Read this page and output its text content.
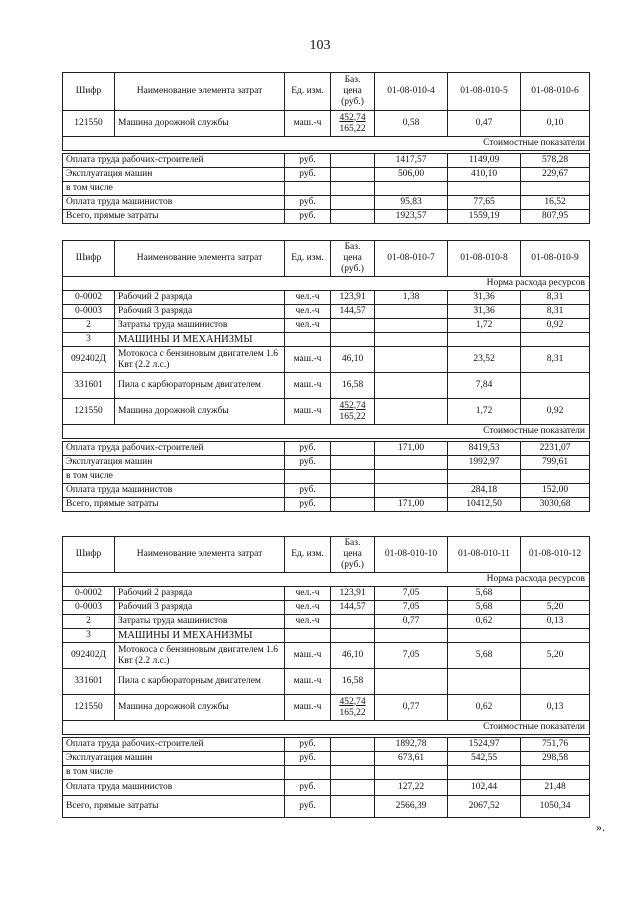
103
Шифр	Наименование элемента затрат	Ед. изм.	Баз.
цена
(руб.)	01-08-010-4	01-08-010-5	01-08-010-6
121550	Машина дорожной службы	маш.-ч	452,74
165,22	0,58	0,47	0,10
Стоимостные показатели						

Оплата труда рабочих-строителей		руб.		1417,57	1149,09	578,28
Эксплуатация машин		руб.		506,00	410,10	229,67
в том числе						
Оплата труда машинистов		руб.		95,83	77,65	16,52
Всего, прямые затраты		руб.		1923,57	1559,19	807,95
Шифр	Наименование элемента затрат	Ед. изм.	Баз.
цена
(руб.)	01-08-010-7	01-08-010-8	01-08-010-9
Норма расхода ресурсов						
0-0002	Рабочий 2 разряда	чел.-ч	123,91	1,38	31,36	8,31
0-0003	Рабочий 3 разряда	чел.-ч	144,57		31,36	8,31
2	Затраты труда машинистов	чел.-ч			1,72	0,92
3	МАШИНЫ И МЕХАНИЗМЫ					
092402Д	Мотокоса с бензиновым двигателем 1.6 Квт (2.2 л.с.)	маш.-ч	46,10		23,52	8,31
331601	Пила с карбюраторным двигателем	маш.-ч	16,58		7,84	
121550	Машина дорожной службы	маш.-ч	452,74
165,22		1,72	0,92
Стоимостные показатели						

Оплата труда рабочих-строителей		руб.		171,00	8419,53	2231,07
Эксплуатация машин		руб.			1992,97	799,61
в том числе						
Оплата труда машинистов		руб.			284,18	152,00
Всего, прямые затраты		руб.		171,00	10412,50	3030,68
Шифр	Наименование элемента затрат	Ед. изм.	Баз.
цена
(руб.)	01-08-010-10	01-08-010-11	01-08-010-12
Норма расхода ресурсов						
0-0002	Рабочий 2 разряда	чел.-ч	123,91	7,05	5,68	
0-0003	Рабочий 3 разряда	чел.-ч	144,57	7,05	5,68	5,20
2	Затраты труда машинистов	чел.-ч		0,77	0,62	0,13
3	МАШИНЫ И МЕХАНИЗМЫ					
092402Д	Мотокоса с бензиновым двигателем 1.6 Квт (2.2 л.с.)	маш.-ч	46,10	7,05	5,68	5,20
331601	Пила с карбюраторным двигателем	маш.-ч	16,58			
121550	Машина дорожной службы	маш.-ч	452,74
165,22	0,77	0,62	0,13
Стоимостные показатели						

Оплата труда рабочих-строителей		руб.		1892,78	1524,97	751,76
Эксплуатация машин		руб.		673,61	542,55	298,58
в том числе						
Оплата труда машинистов		руб.		127,22	102,44	21,48
Всего, прямые затраты		руб.		2566,39	2067,52	1050,34
».
